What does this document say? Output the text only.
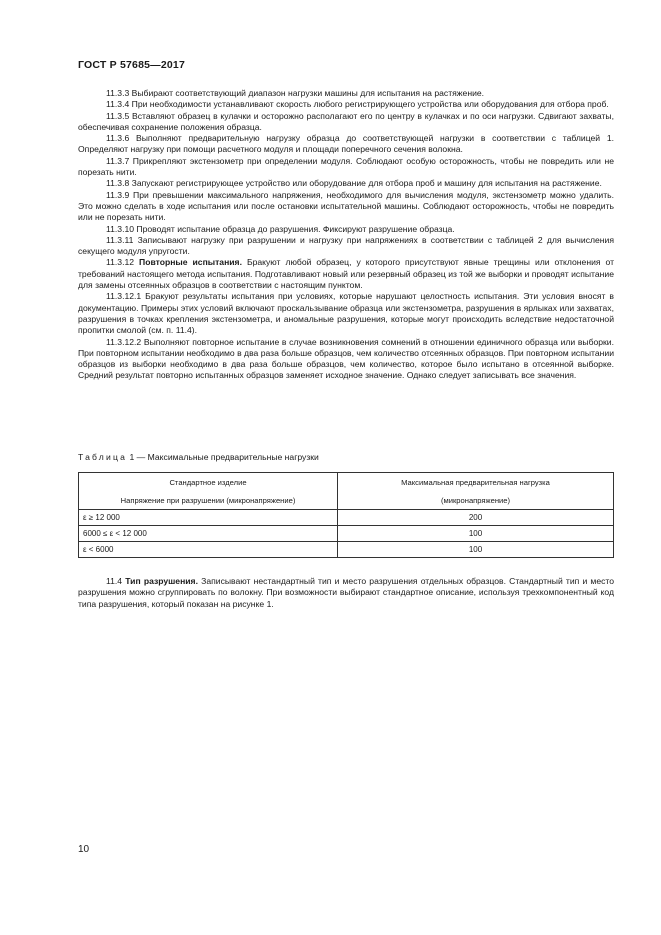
ГОСТ Р 57685—2017

11.3.3 Выбирают соответствующий диапазон нагрузки машины для испытания на растяжение.

11.3.4 При необходимости устанавливают скорость любого регистрирующего устройства или оборудования для отбора проб.

11.3.5 Вставляют образец в кулачки и осторожно располагают его по центру в кулачках и по оси нагрузки. Сдвигают захваты, обеспечивая сохранение положения образца.

11.3.6 Выполняют предварительную нагрузку образца до соответствующей нагрузки в соответствии с таблицей 1. Определяют нагрузку при помощи расчетного модуля и площади поперечного сечения волокна.

11.3.7 Прикрепляют экстензометр при определении модуля. Соблюдают особую осторожность, чтобы не повредить или не порезать нити.

11.3.8 Запускают регистрирующее устройство или оборудование для отбора проб и машину для испытания на растяжение.

11.3.9 При превышении максимального напряжения, необходимого для вычисления модуля, экстензометр можно удалить. Это можно сделать в ходе испытания или после остановки испытательной машины. Соблюдают осторожность, чтобы не повредить или не порезать нити.

11.3.10 Проводят испытание образца до разрушения. Фиксируют разрушение образца.

11.3.11 Записывают нагрузку при разрушении и нагрузку при напряжениях в соответствии с таблицей 2 для вычисления секущего модуля упругости.

11.3.12 Повторные испытания. Бракуют любой образец, у которого присутствуют явные трещины или отклонения от требований настоящего метода испытания. Подготавливают новый или резервный образец из той же выборки и проводят испытание для замены отсеянных образцов в соответствии с настоящим пунктом.

11.3.12.1 Бракуют результаты испытания при условиях, которые нарушают целостность испытания. Эти условия вносят в документацию. Примеры этих условий включают проскальзывание образца или экстензометра, разрушения в ярлыках или захватах, разрушения в точках крепления экстензометра, и аномальные разрушения, которые могут происходить вследствие недостаточной пропитки смолой (см. п. 11.4).

11.3.12.2 Выполняют повторное испытание в случае возникновения сомнений в отношении единичного образца или выборки. При повторном испытании необходимо в два раза больше образцов, чем количество отсеянных образцов. При повторном испытании образцов из выборки необходимо в два раза больше образцов, чем количество, которое было испытано в отсеянной выборке. Средний результат повторно испытанных образцов заменяет исходное значение. Однако следует записывать все значения.

Таблица 1 — Максимальные предварительные нагрузки
Стандартное изделие	Максимальная предварительная нагрузка
Напряжение при разрушении (микронапряжение)	(микронапряжение)
ε ≥ 12 000	200
6000 ≤ ε < 12 000	100
ε < 6000	100

11.4 Тип разрушения. Записывают нестандартный тип и место разрушения отдельных образцов. Стандартный тип и место разрушения можно сгруппировать по волокну. При возможности выбирают стандартное описание, используя трехкомпонентный код типа разрушения, который показан на рисунке 1.

10
